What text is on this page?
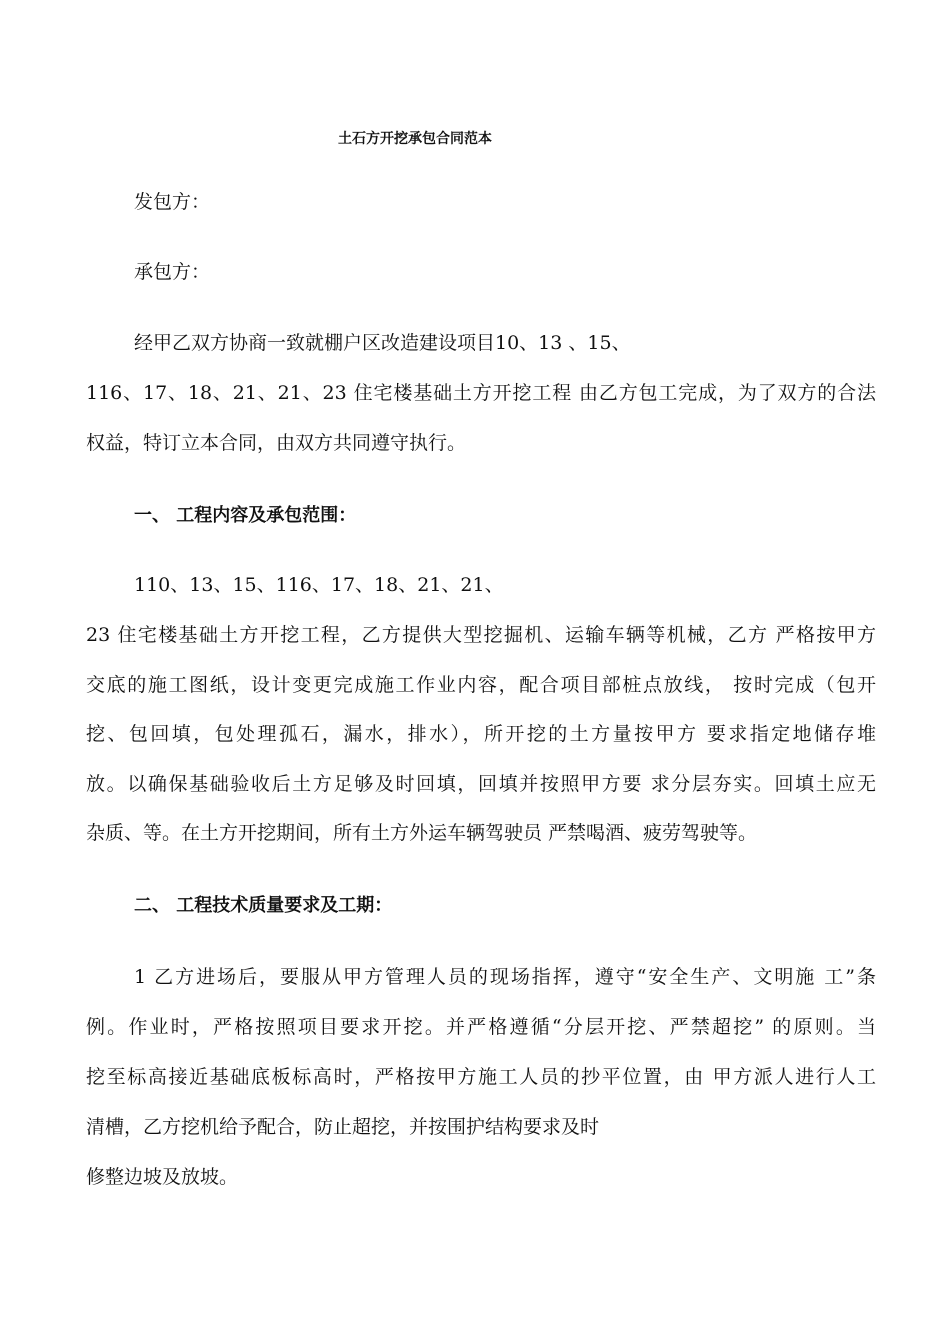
土石方开挖承包合同范本

发包方：

承包方：

经甲乙双方协商一致就棚户区改造建设项目10、13 、15、

116、17、18、21、21、23 住宅楼基础土方开挖工程 由乙方包工完成，为了双方的合法

权益，特订立本合同，由双方共同遵守执行。

一、 工程内容及承包范围：

110、13、15、116、17、18、21、21、

23 住宅楼基础土方开挖工程，乙方提供大型挖掘机、运输车辆等机械，乙方 严格按甲方

交底的施工图纸，设计变更完成施工作业内容，配合项目部桩点放线， 按时完成（包开

挖、包回填，包处理孤石，漏水，排水），所开挖的土方量按甲方 要求指定地储存堆

放。以确保基础验收后土方足够及时回填，回填并按照甲方要 求分层夯实。回填土应无

杂质、等。在土方开挖期间，所有土方外运车辆驾驶员 严禁喝酒、疲劳驾驶等。

二、 工程技术质量要求及工期：

1 乙方进场后，要服从甲方管理人员的现场指挥，遵守“安全生产、文明施 工”条

例。作业时，严格按照项目要求开挖。并严格遵循“分层开挖、严禁超挖” 的原则。当

挖至标高接近基础底板标高时，严格按甲方施工人员的抄平位置，由 甲方派人进行人工

清槽，乙方挖机给予配合，防止超挖，并按围护结构要求及时

修整边坡及放坡。
